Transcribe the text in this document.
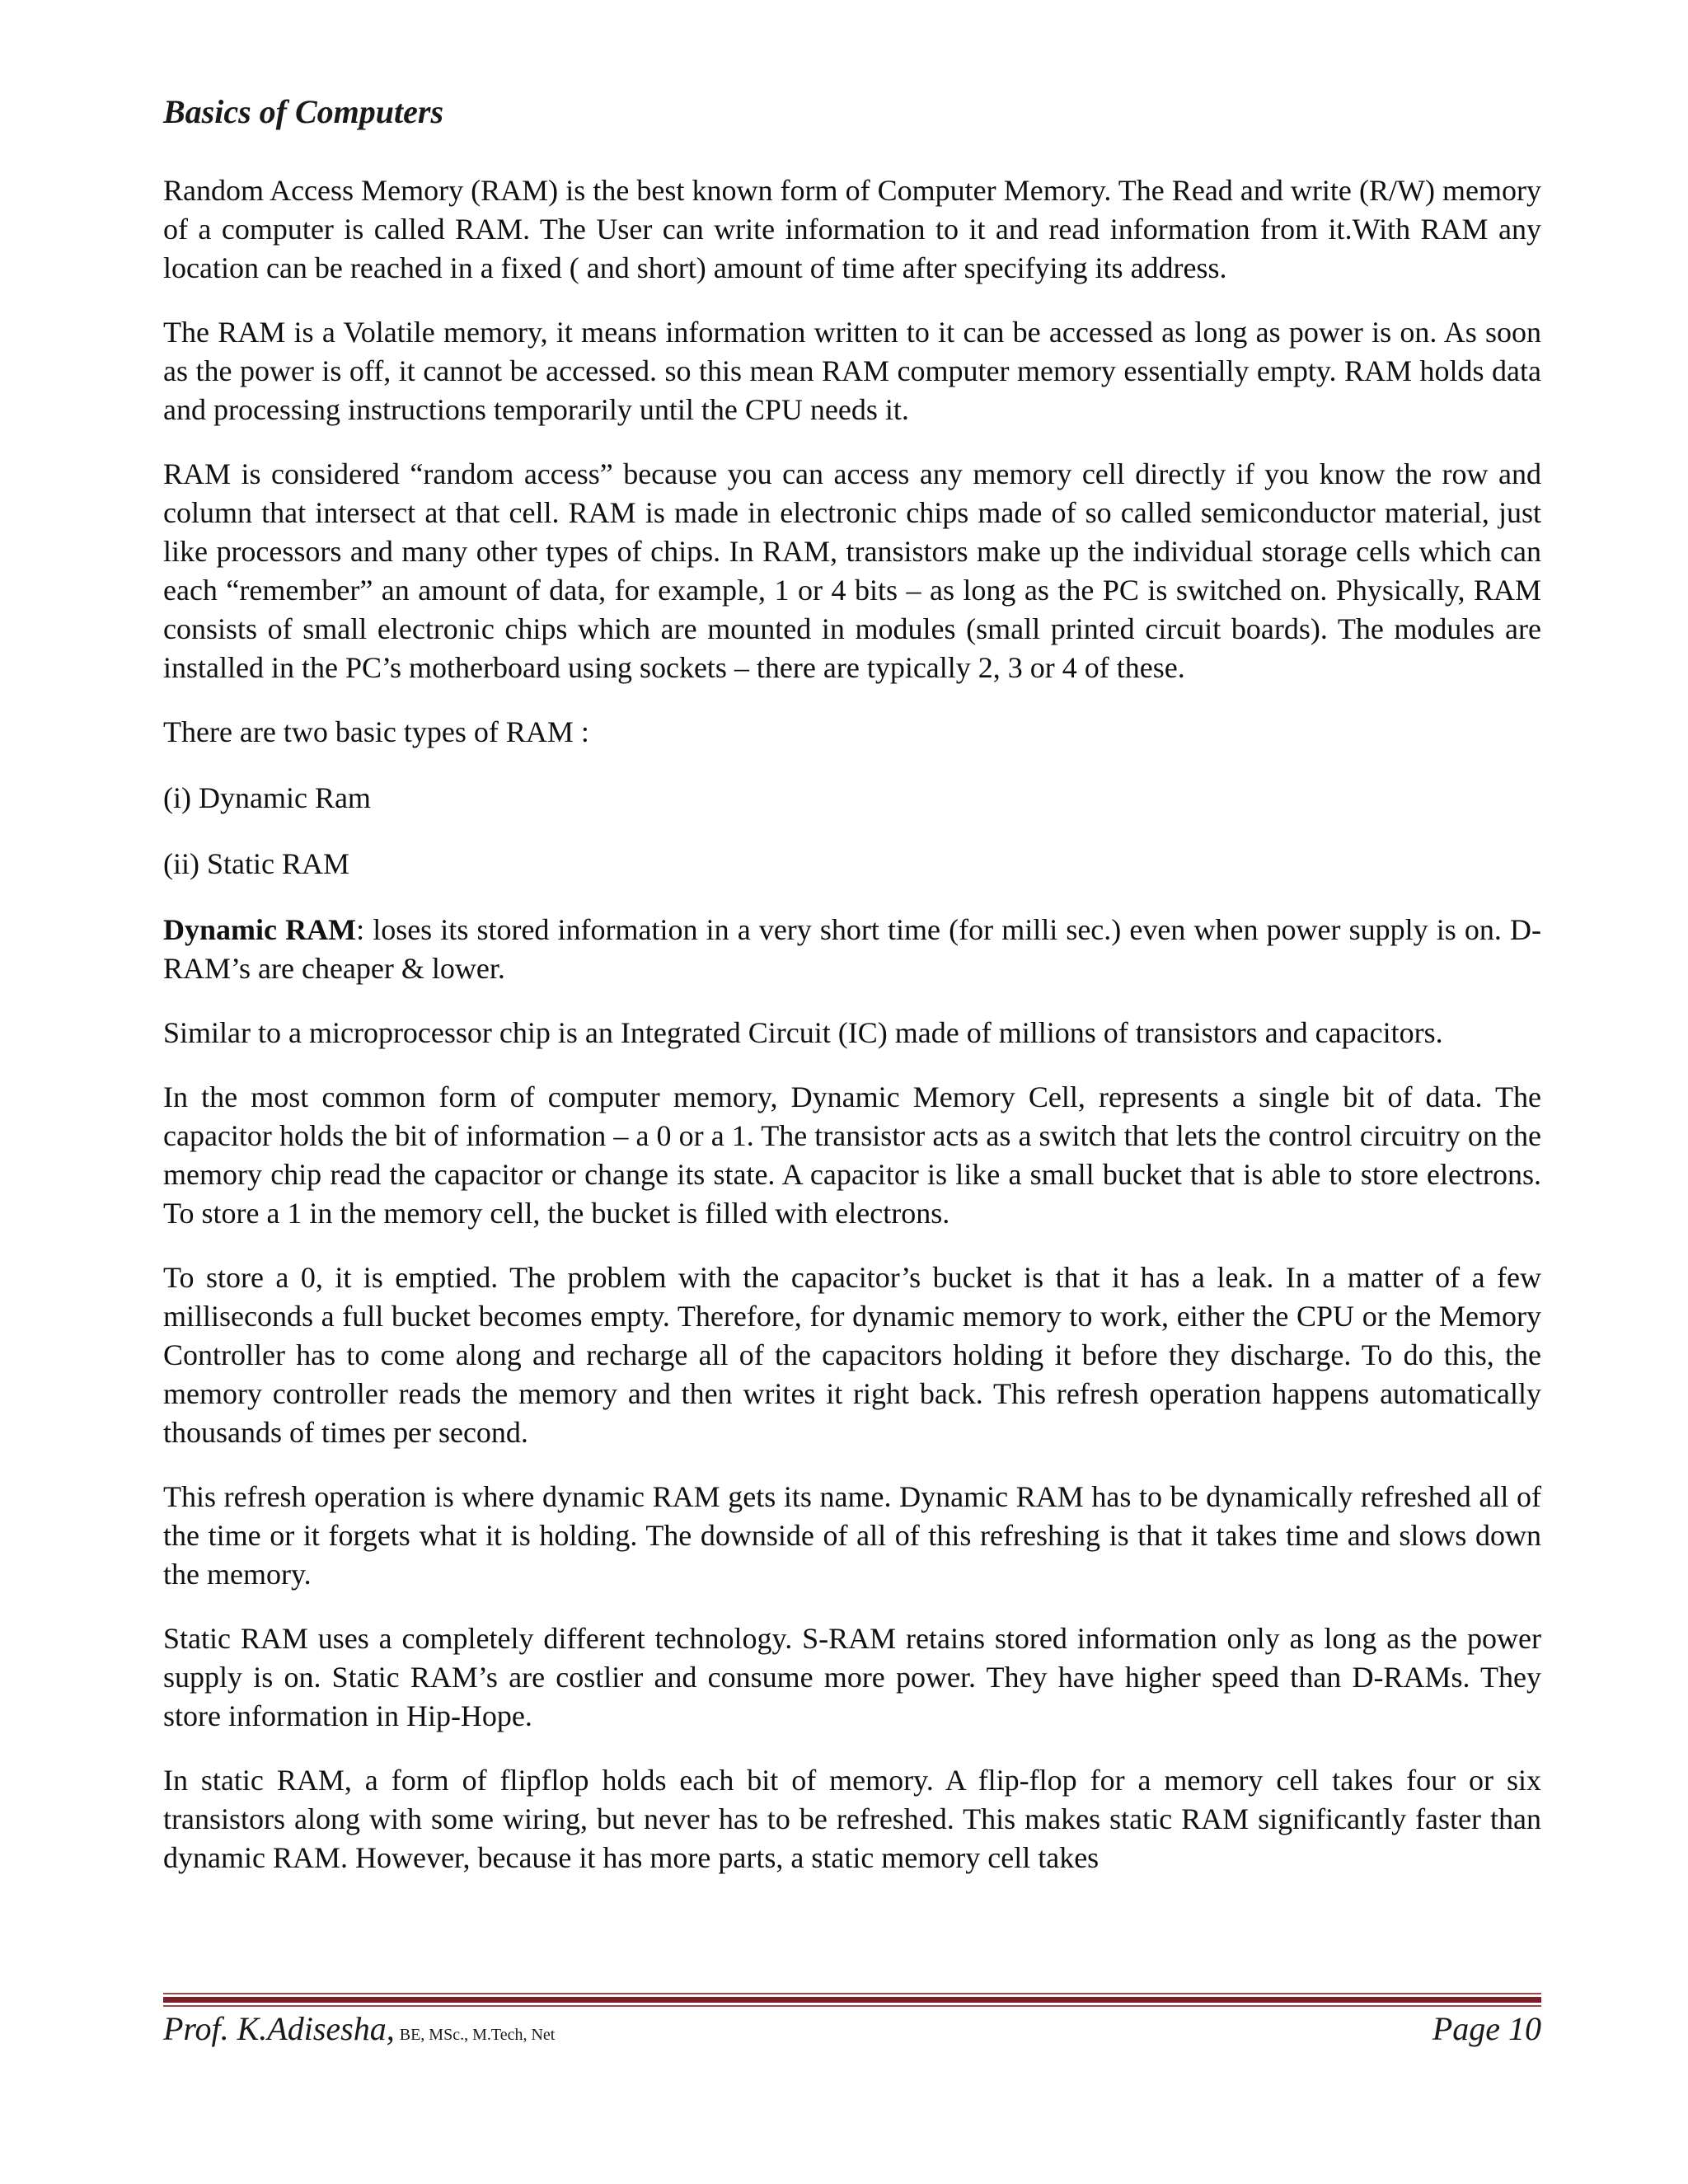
Basics of Computers

Random Access Memory (RAM) is the best known form of Computer Memory. The Read and write (R/W) memory of a computer is called RAM. The User can write information to it and read information from it.With RAM any location can be reached in a fixed ( and short) amount of time after specifying its address.

The RAM is a Volatile memory, it means information written to it can be accessed as long as power is on. As soon as the power is off, it cannot be accessed. so this mean RAM computer memory essentially empty. RAM holds data and processing instructions temporarily until the CPU needs it.

RAM is considered “random access” because you can access any memory cell directly if you know the row and column that intersect at that cell. RAM is made in electronic chips made of so called semiconductor material, just like processors and many other types of chips. In RAM, transistors make up the individual storage cells which can each “remember” an amount of data, for example, 1 or 4 bits – as long as the PC is switched on. Physically, RAM consists of small electronic chips which are mounted in modules (small printed circuit boards). The modules are installed in the PC’s motherboard using sockets – there are typically 2, 3 or 4 of these.

There are two basic types of RAM :

(i) Dynamic Ram

(ii) Static RAM

Dynamic RAM: loses its stored information in a very short time (for milli sec.) even when power supply is on. D-RAM’s are cheaper & lower.

Similar to a microprocessor chip is an Integrated Circuit (IC) made of millions of transistors and capacitors.

In the most common form of computer memory, Dynamic Memory Cell, represents a single bit of data. The capacitor holds the bit of information – a 0 or a 1. The transistor acts as a switch that lets the control circuitry on the memory chip read the capacitor or change its state. A capacitor is like a small bucket that is able to store electrons. To store a 1 in the memory cell, the bucket is filled with electrons.

To store a 0, it is emptied. The problem with the capacitor’s bucket is that it has a leak. In a matter of a few milliseconds a full bucket becomes empty. Therefore, for dynamic memory to work, either the CPU or the Memory Controller has to come along and recharge all of the capacitors holding it before they discharge. To do this, the memory controller reads the memory and then writes it right back. This refresh operation happens automatically thousands of times per second.

This refresh operation is where dynamic RAM gets its name. Dynamic RAM has to be dynamically refreshed all of the time or it forgets what it is holding. The downside of all of this refreshing is that it takes time and slows down the memory.

Static RAM uses a completely different technology. S-RAM retains stored information only as long as the power supply is on. Static RAM’s are costlier and consume more power. They have higher speed than D-RAMs. They store information in Hip-Hope.

In static RAM, a form of flipflop holds each bit of memory. A flip-flop for a memory cell takes four or six transistors along with some wiring, but never has to be refreshed. This makes static RAM significantly faster than dynamic RAM. However, because it has more parts, a static memory cell takes

Prof. K.Adisesha, BE, MSc., M.Tech, Net	Page 10
